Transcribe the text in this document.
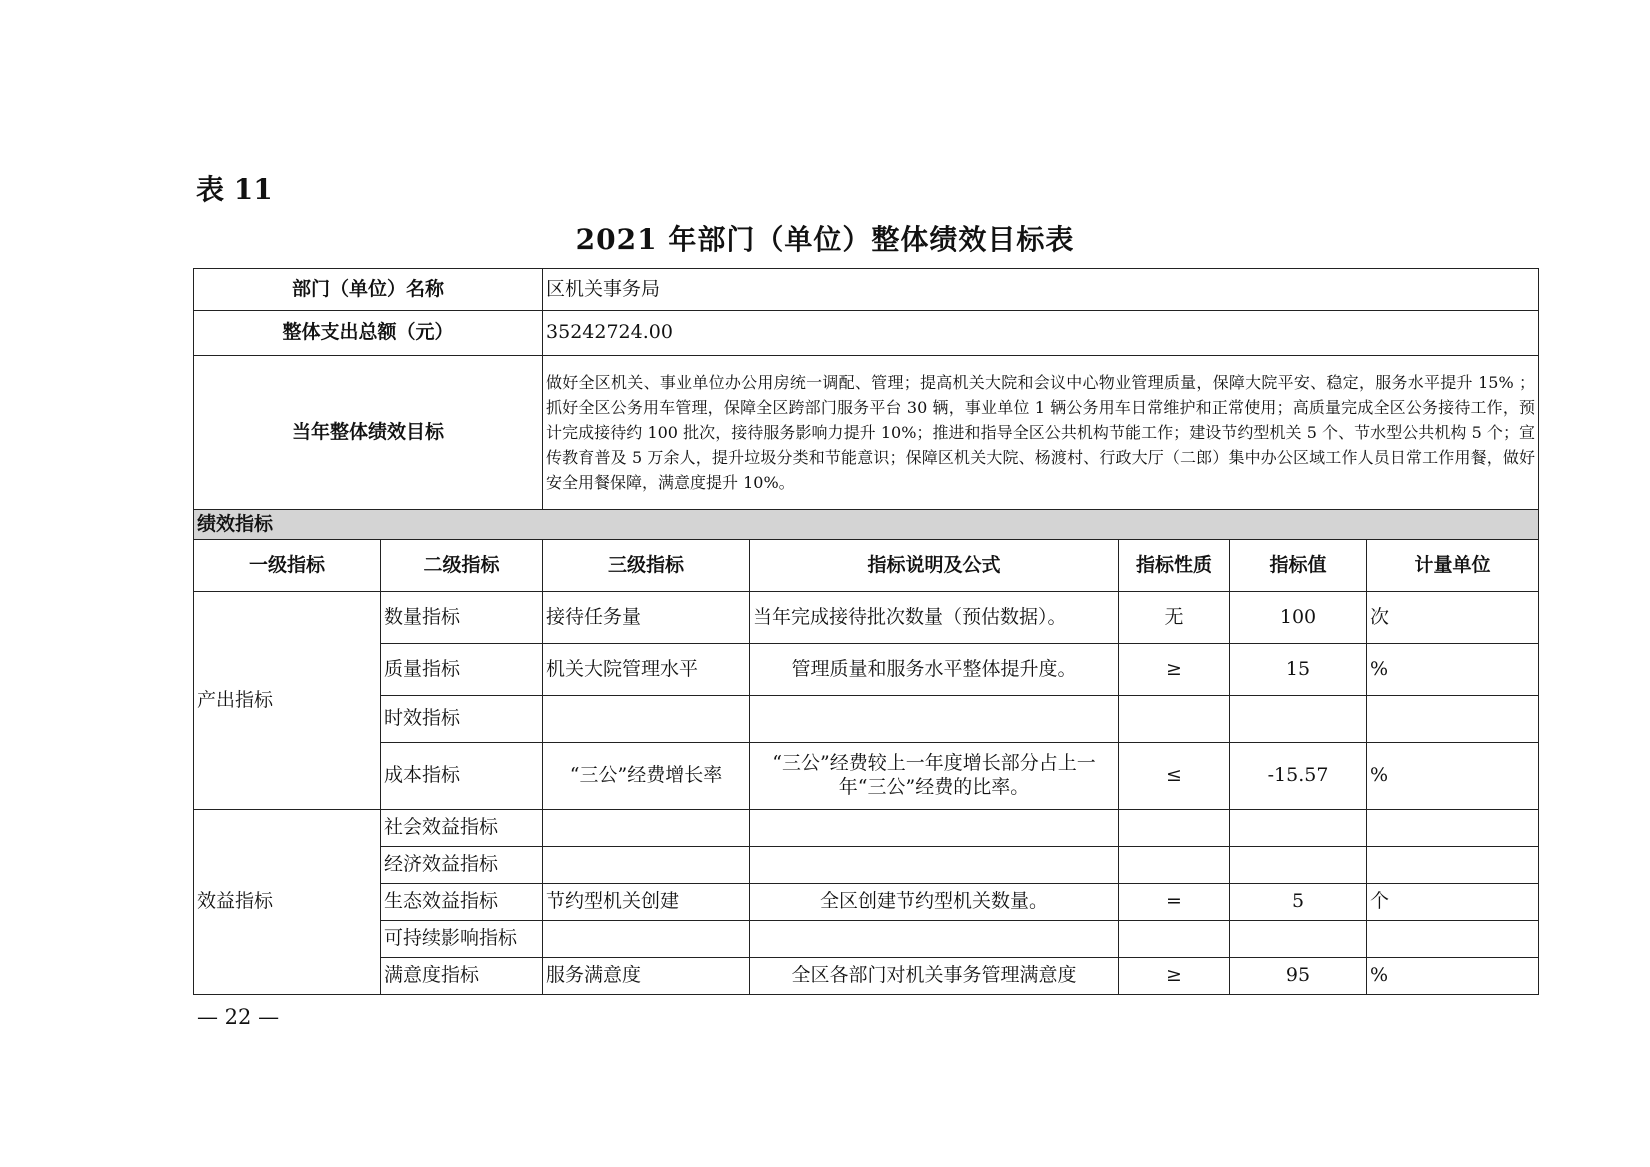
表 11
2021 年部门（单位）整体绩效目标表
部门（单位）名称		区机关事务局				
整体支出总额（元）		35242724.00				
当年整体绩效目标		做好全区机关、事业单位办公用房统一调配、管理；提高机关大院和会议中心物业管理质量，保障大院平安、稳定，服务水平提升 15% ；抓好全区公务用车管理，保障全区跨部门服务平台 30 辆，事业单位 1 辆公务用车日常维护和正常使用；高质量完成全区公务接待工作，预计完成接待约 100 批次，接待服务影响力提升 10%；推进和指导全区公共机构节能工作；建设节约型机关 5 个、节水型公共机构 5 个；宣传教育普及 5 万余人，提升垃圾分类和节能意识；保障区机关大院、杨渡村、行政大厅（二郎）集中办公区域工作人员日常工作用餐，做好安全用餐保障，满意度提升 10%。				
绩效指标						
一级指标	二级指标	三级指标	指标说明及公式	指标性质	指标值	计量单位
产出指标	数量指标	接待任务量	当年完成接待批次数量（预估数据）。	无	100	次
	质量指标	机关大院管理水平	管理质量和服务水平整体提升度。	≥	15	%
	时效指标					
	成本指标	“三公”经费增长率	“三公”经费较上一年度增长部分占上一年“三公”经费的比率。	≤	-15.57	%
效益指标	社会效益指标					
	经济效益指标					
	生态效益指标	节约型机关创建	全区创建节约型机关数量。	=	5	个
	可持续影响指标					
	满意度指标	服务满意度	全区各部门对机关事务管理满意度	≥	95	%
— 22 —
